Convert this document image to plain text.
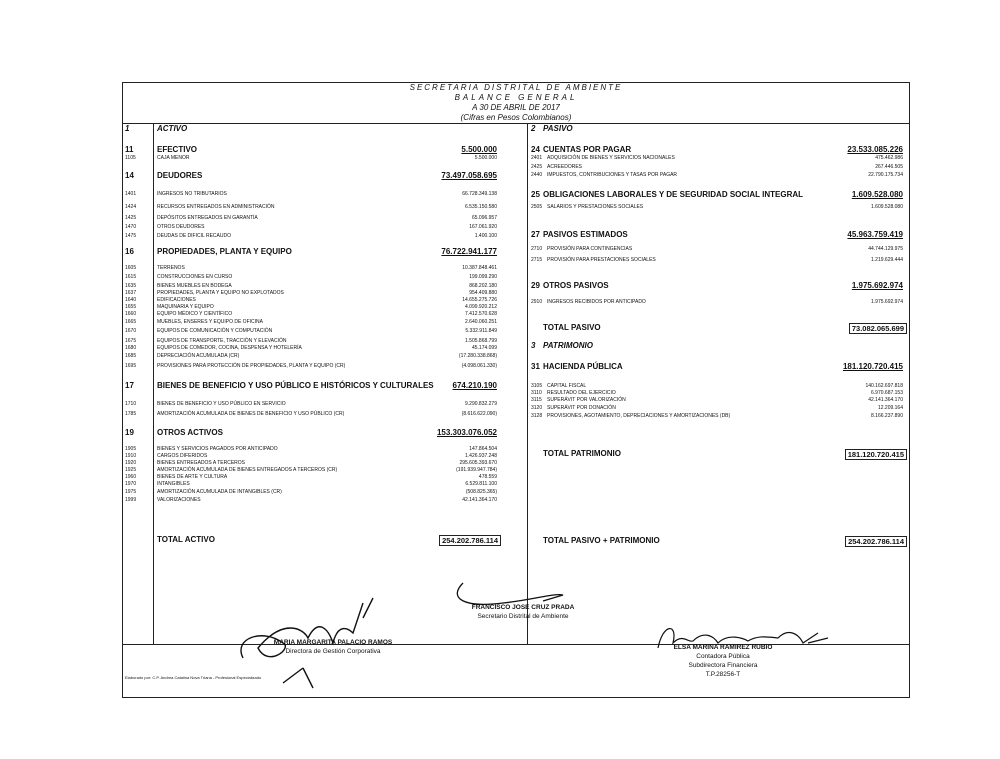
SECRETARIA DISTRITAL DE AMBIENTE
BALANCE GENERAL
A 30 DE ABRIL DE 2017
(Cifras en Pesos Colombianos)
1	ACTIVO	2 PASIVO
11	EFECTIVO	5.500.000
1105	CAJA MENOR	5.500.000
14	DEUDORES	73.497.058.695
1401	INGRESOS NO TRIBUTARIOS	66.728.349.138
1424	RECURSOS ENTREGADOS EN ADMINISTRACIÓN	6.535.150.580
1425	DEPÓSITOS ENTREGADOS EN GARANTÍA	65.096.957
1470	OTROS DEUDORES	167.061.920
1475	DEUDAS DE DIFICIL RECAUDO	1.400.100
16	PROPIEDADES, PLANTA Y EQUIPO	76.722.941.177
1605	TERRENOS	10.387.848.461
1615	CONSTRUCCIONES EN CURSO	199.099.290
1635	BIENES MUEBLES EN BODEGA	868.202.180
1637	PROPIEDADES, PLANTA Y EQUIPO NO EXPLOTADOS	954.409.880
1640	EDIFICACIONES	14.655.275.726
1655	MAQUINARIA Y EQUIPO	4.099.920.212
1660	EQUIPO MÉDICO Y CIENTÍFICO	7.412.570.628
1665	MUEBLES, ENSERES Y EQUIPO DE OFICINA	2.640.060.251
1670	EQUIPOS DE COMUNICACIÓN Y COMPUTACIÓN	5.332.911.849
1675	EQUIPOS DE TRANSPORTE, TRACCIÓN Y ELEVACIÓN	1.505.868.799
1680	EQUIPOS DE COMEDOR, COCINA, DESPENSA Y HOTELERÍA	45.174.099
1685	DEPRECIACIÓN ACUMULADA (CR)	(17.280.338.868)
1695	PROVISIONES PARA PROTECCIÓN DE PROPIEDADES, PLANTA Y EQUIPO (CR)	(4.098.061.330)
17	BIENES DE BENEFICIO Y USO PÚBLICO E HISTÓRICOS Y CULTURALES 674.210.190
1710	BIENES DE BENEFICIO Y USO PÚBLICO EN SERVICIO	9.290.832.279
1785	AMORTIZACIÓN ACUMULADA DE BIENES DE BENEFICIO Y USO PÚBLICO (CR)	(8.616.622.090)
19	OTROS ACTIVOS	153.303.076.052
1905	BIENES Y SERVICIOS PAGADOS POR ANTICIPADO	147.864.504
1910	CARGOS DIFERIDOS	1.426.937.248
1920	BIENES ENTREGADOS A TERCEROS	295.605.393.670
1925	AMORTIZACIÓN ACUMULADA DE BIENES ENTREGADOS A TERCEROS (CR)	(191.939.947.784)
1960	BIENES DE ARTE Y CULTURA	478.559
1970	INTANGIBLES	6.529.811.100
1975	AMORTIZACIÓN ACUMULADA DE INTANGIBLES (CR)	(508.825.365)
1999	VALORIZACIONES	42.141.364.170
TOTAL ACTIVO	254.202.786.114
24 CUENTAS POR PAGAR	23.533.085.226
2401 ADQUISICIÓN DE BIENES Y SERVICIOS NACIONALES	475.462.986
2425 ACREEDORES	267.446.505
2440 IMPUESTOS, CONTRIBUCIONES Y TASAS POR PAGAR	22.790.175.734
25 OBLIGACIONES LABORALES Y DE SEGURIDAD SOCIAL INTEGRAL	1.609.528.080
2505 SALARIOS Y PRESTACIONES SOCIALES	1.609.528.080
27 PASIVOS ESTIMADOS	45.963.759.419
2710 PROVISIÓN PARA CONTINGENCIAS	44.744.129.975
2715 PROVISIÓN PARA PRESTACIONES SOCIALES	1.219.629.444
29 OTROS PASIVOS	1.975.692.974
2910 INGRESOS RECIBIDOS POR ANTICIPADO	1.975.692.974
TOTAL PASIVO	73.082.065.699
3 PATRIMONIO
31 HACIENDA PÚBLICA	181.120.720.415
3105 CAPITAL FISCAL	140.162.697.818
3110 RESULTADO DEL EJERCICIO	6.970.687.153
3115 SUPERÁVIT POR VALORIZACIÓN	42.141.364.170
3120 SUPERÁVIT POR DONACIÓN	12.209.164
3128 PROVISIONES, AGOTAMIENTO, DEPRECIACIONES Y AMORTIZACIONES (DB)	8.166.237.890
TOTAL PATRIMONIO	181.120.720.415
TOTAL PASIVO + PATRIMONIO	254.202.786.114
MARIA MARGARITA PALACIO RAMOS
Directora de Gestión Corporativa
FRANCISCO JOSE CRUZ PRADA
Secretario Distrital de Ambiente
ELSA MARINA RAMIREZ RUBIO
Contadora Pública
Subdirectora Financiera
T.P.28256-T
Elaborado por: C.P. Andrea Catalina Nova Triana - Profesional Especializado
